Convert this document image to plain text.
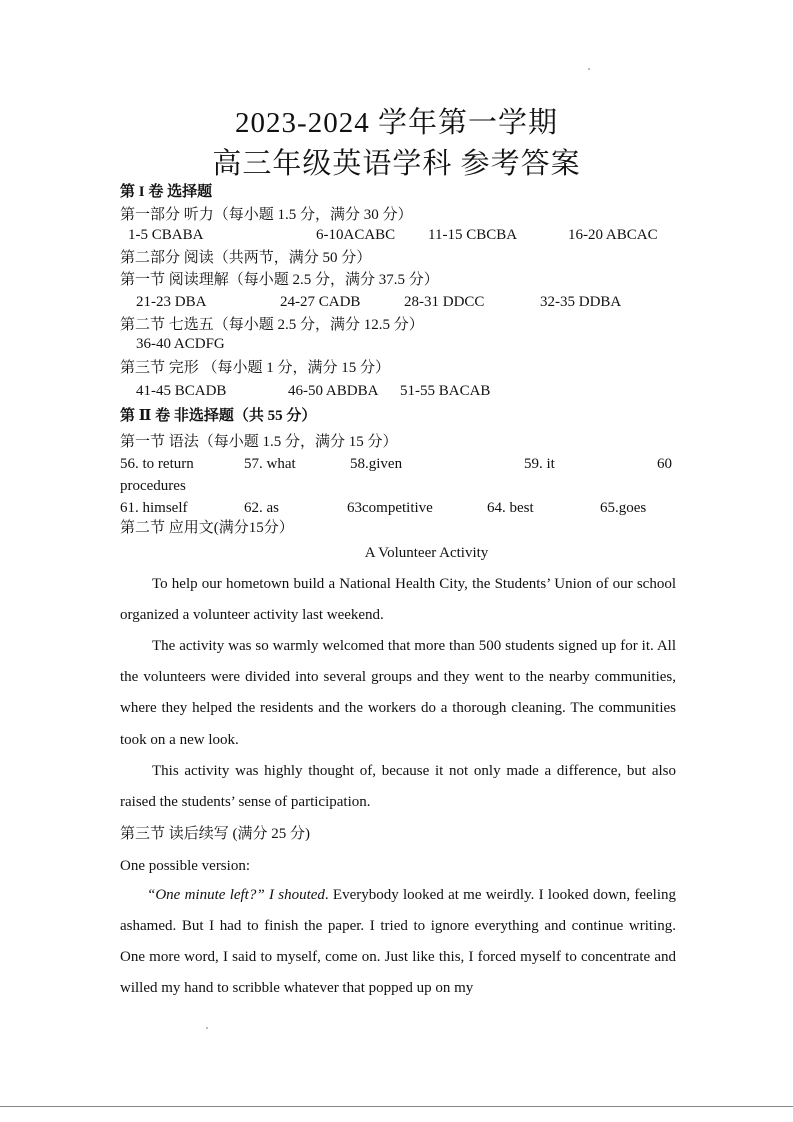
2023-2024 学年第一学期
高三年级英语学科 参考答案
第 I 卷 选择题
第一部分 听力（每小题 1.5 分，满分 30 分）
1-5 CBABA	6-10ACABC 11-15 CBCBA	16-20 ABCAC
第二部分 阅读（共两节，满分 50 分）
第一节 阅读理解（每小题 2.5 分，满分 37.5 分）
21-23 DBA	24-27 CADB	28-31 DDCC	32-35 DDBA
第二节 七选五（每小题 2.5 分，满分 12.5 分）
36-40 ACDFG
第三节 完形 （每小题 1 分，满分 15 分）
41-45 BCADB	46-50 ABDBA 51-55 BACAB
第 Ⅱ 卷 非选择题（共 55 分）
第一节 语法（每小题 1.5 分，满分 15 分）
56. to return	57. what	58.given	59. it	60
procedures
61. himself	62. as	63competitive	64. best	65.goes
第二节 应用文(满分15分）
A Volunteer Activity
To help our hometown build a National Health City, the Students’ Union of our school organized a volunteer activity last weekend.
The activity was so warmly welcomed that more than 500 students signed up for it. All the volunteers were divided into several groups and they went to the nearby communities, where they helped the residents and the workers do a thorough cleaning. The communities took on a new look.
This activity was highly thought of, because it not only made a difference, but also raised the students’ sense of participation.
第三节 读后续写 (满分 25 分)
One possible version:
“One minute left?” I shouted. Everybody looked at me weirdly. I looked down, feeling ashamed. But I had to finish the paper. I tried to ignore everything and continue writing. One more word, I said to myself, come on. Just like this, I forced myself to concentrate and willed my hand to scribble whatever that popped up on my
